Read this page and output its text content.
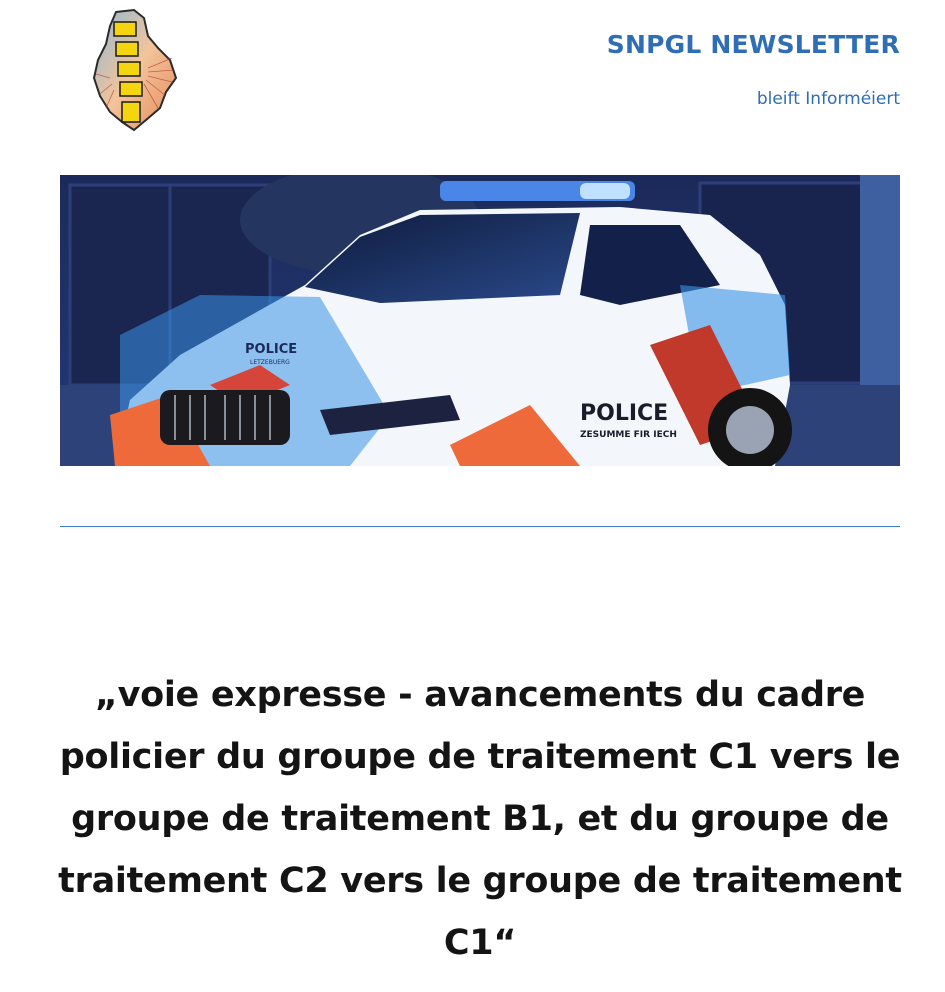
SNPGL NEWSLETTER
bleift Informéiert
POLICE
ZESUMME FIR IECH
POLICE
LETZEBUERG
„voie expresse - avancements du cadre policier du groupe de traitement C1 vers le groupe de traitement B1, et du groupe de traitement C2 vers le groupe de traitement C1“
